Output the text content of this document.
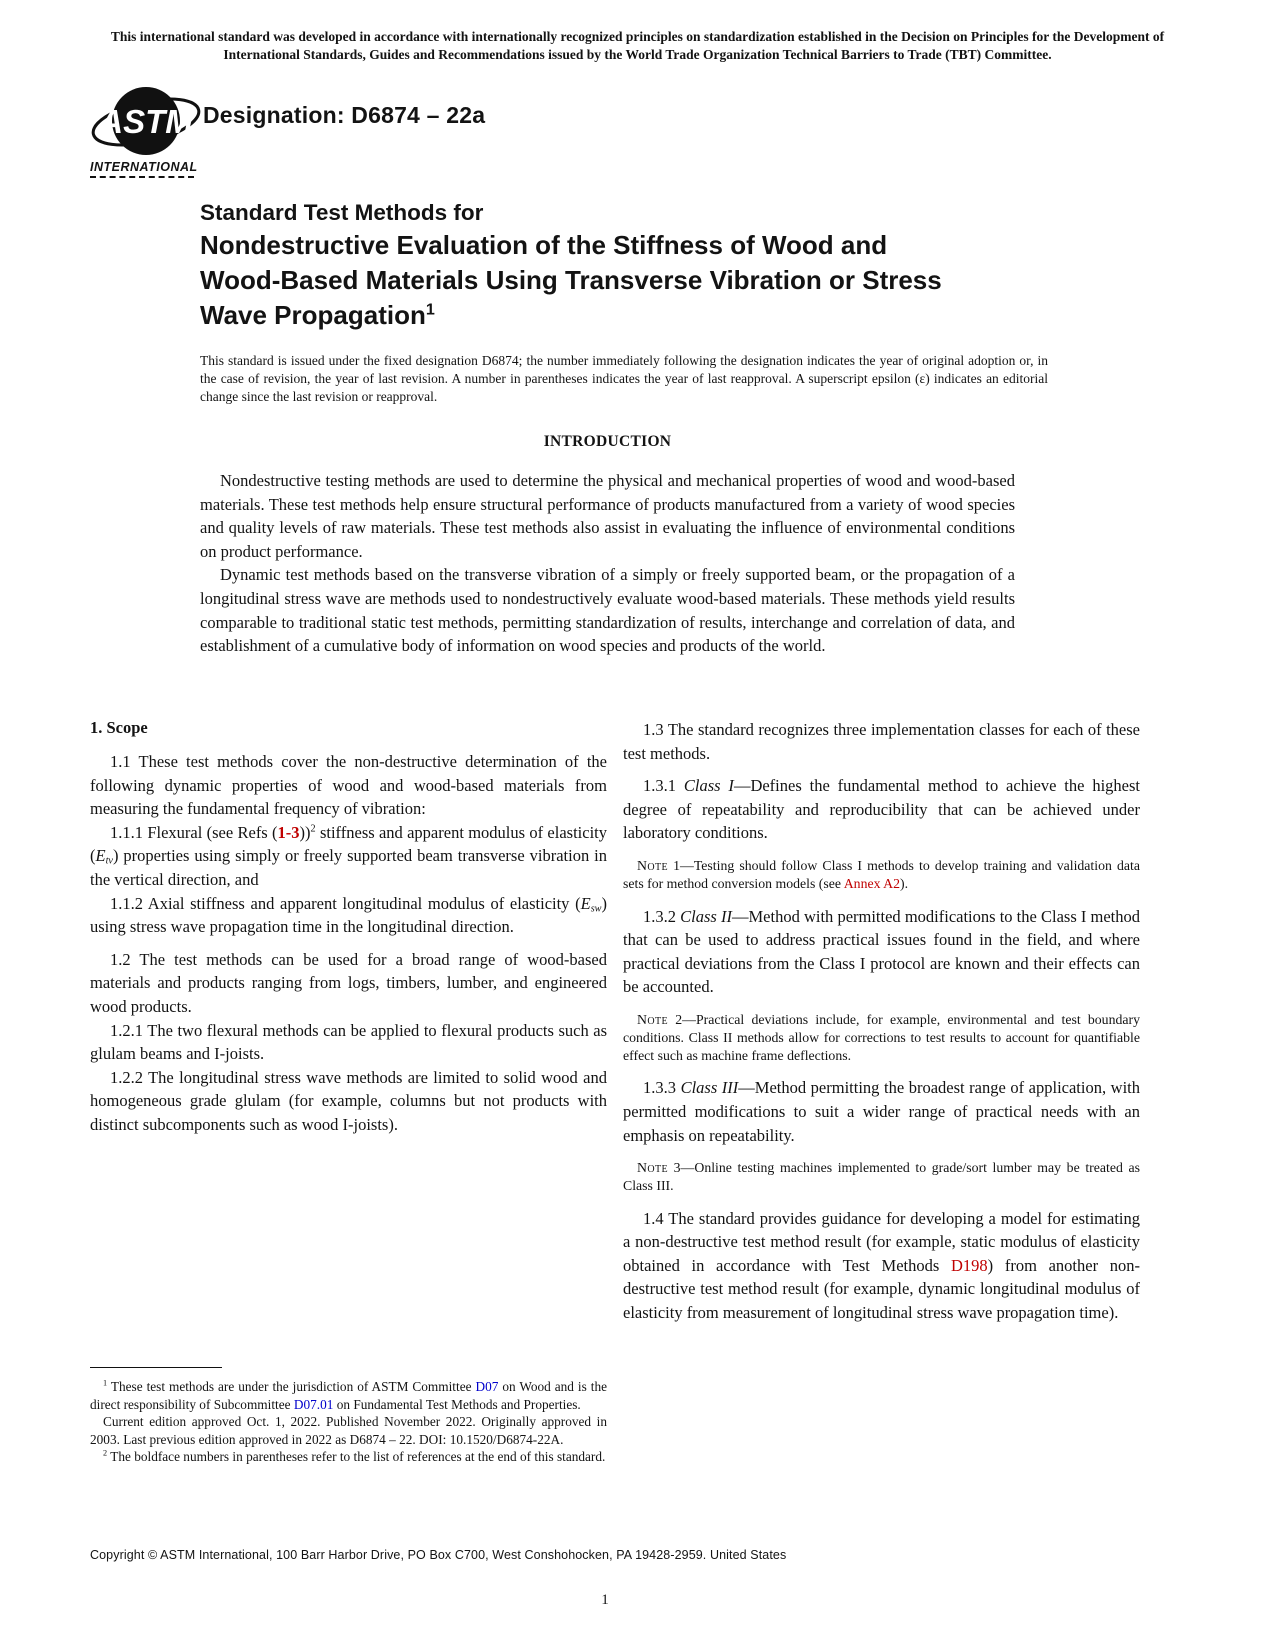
This international standard was developed in accordance with internationally recognized principles on standardization established in the Decision on Principles for the Development of International Standards, Guides and Recommendations issued by the World Trade Organization Technical Barriers to Trade (TBT) Committee.
ASTM
INTERNATIONAL
Designation: D6874 – 22a
Standard Test Methods for
Nondestructive Evaluation of the Stiffness of Wood and
Wood-Based Materials Using Transverse Vibration or Stress
Wave Propagation$^1$
This standard is issued under the fixed designation D6874; the number immediately following the designation indicates the year of original adoption or, in the case of revision, the year of last revision. A number in parentheses indicates the year of last reapproval. A superscript epsilon (ε) indicates an editorial change since the last revision or reapproval.
INTRODUCTION

Nondestructive testing methods are used to determine the physical and mechanical properties of wood and wood-based materials. These test methods help ensure structural performance of products manufactured from a variety of wood species and quality levels of raw materials. These test methods also assist in evaluating the influence of environmental conditions on product performance.

Dynamic test methods based on the transverse vibration of a simply or freely supported beam, or the propagation of a longitudinal stress wave are methods used to nondestructively evaluate wood-based materials. These methods yield results comparable to traditional static test methods, permitting standardization of results, interchange and correlation of data, and establishment of a cumulative body of information on wood species and products of the world.

1. Scope

1.1 These test methods cover the non-destructive determination of the following dynamic properties of wood and wood-based materials from measuring the fundamental frequency of vibration:

1.1.1 Flexural (see Refs (1-3))$^2$ stiffness and apparent modulus of elasticity (Etv) properties using simply or freely supported beam transverse vibration in the vertical direction, and

1.1.2 Axial stiffness and apparent longitudinal modulus of elasticity (Esw) using stress wave propagation time in the longitudinal direction.

1.2 The test methods can be used for a broad range of wood-based materials and products ranging from logs, timbers, lumber, and engineered wood products.

1.2.1 The two flexural methods can be applied to flexural products such as glulam beams and I-joists.

1.2.2 The longitudinal stress wave methods are limited to solid wood and homogeneous grade glulam (for example, columns but not products with distinct subcomponents such as wood I-joists).

$^1$ These test methods are under the jurisdiction of ASTM Committee D07 on Wood and is the direct responsibility of Subcommittee D07.01 on Fundamental Test Methods and Properties.

Current edition approved Oct. 1, 2022. Published November 2022. Originally approved in 2003. Last previous edition approved in 2022 as D6874 – 22. DOI: 10.1520/D6874-22A.

$^2$ The boldface numbers in parentheses refer to the list of references at the end of this standard.

1.3 The standard recognizes three implementation classes for each of these test methods.

1.3.1 Class I—Defines the fundamental method to achieve the highest degree of repeatability and reproducibility that can be achieved under laboratory conditions.

Note 1—Testing should follow Class I methods to develop training and validation data sets for method conversion models (see Annex A2).

1.3.2 Class II—Method with permitted modifications to the Class I method that can be used to address practical issues found in the field, and where practical deviations from the Class I protocol are known and their effects can be accounted.

Note 2—Practical deviations include, for example, environmental and test boundary conditions. Class II methods allow for corrections to test results to account for quantifiable effect such as machine frame deflections.

1.3.3 Class III—Method permitting the broadest range of application, with permitted modifications to suit a wider range of practical needs with an emphasis on repeatability.

Note 3—Online testing machines implemented to grade/sort lumber may be treated as Class III.

1.4 The standard provides guidance for developing a model for estimating a non-destructive test method result (for example, static modulus of elasticity obtained in accordance with Test Methods D198) from another non-destructive test method result (for example, dynamic longitudinal modulus of elasticity from measurement of longitudinal stress wave propagation time).

Copyright © ASTM International, 100 Barr Harbor Drive, PO Box C700, West Conshohocken, PA 19428-2959. United States
1
